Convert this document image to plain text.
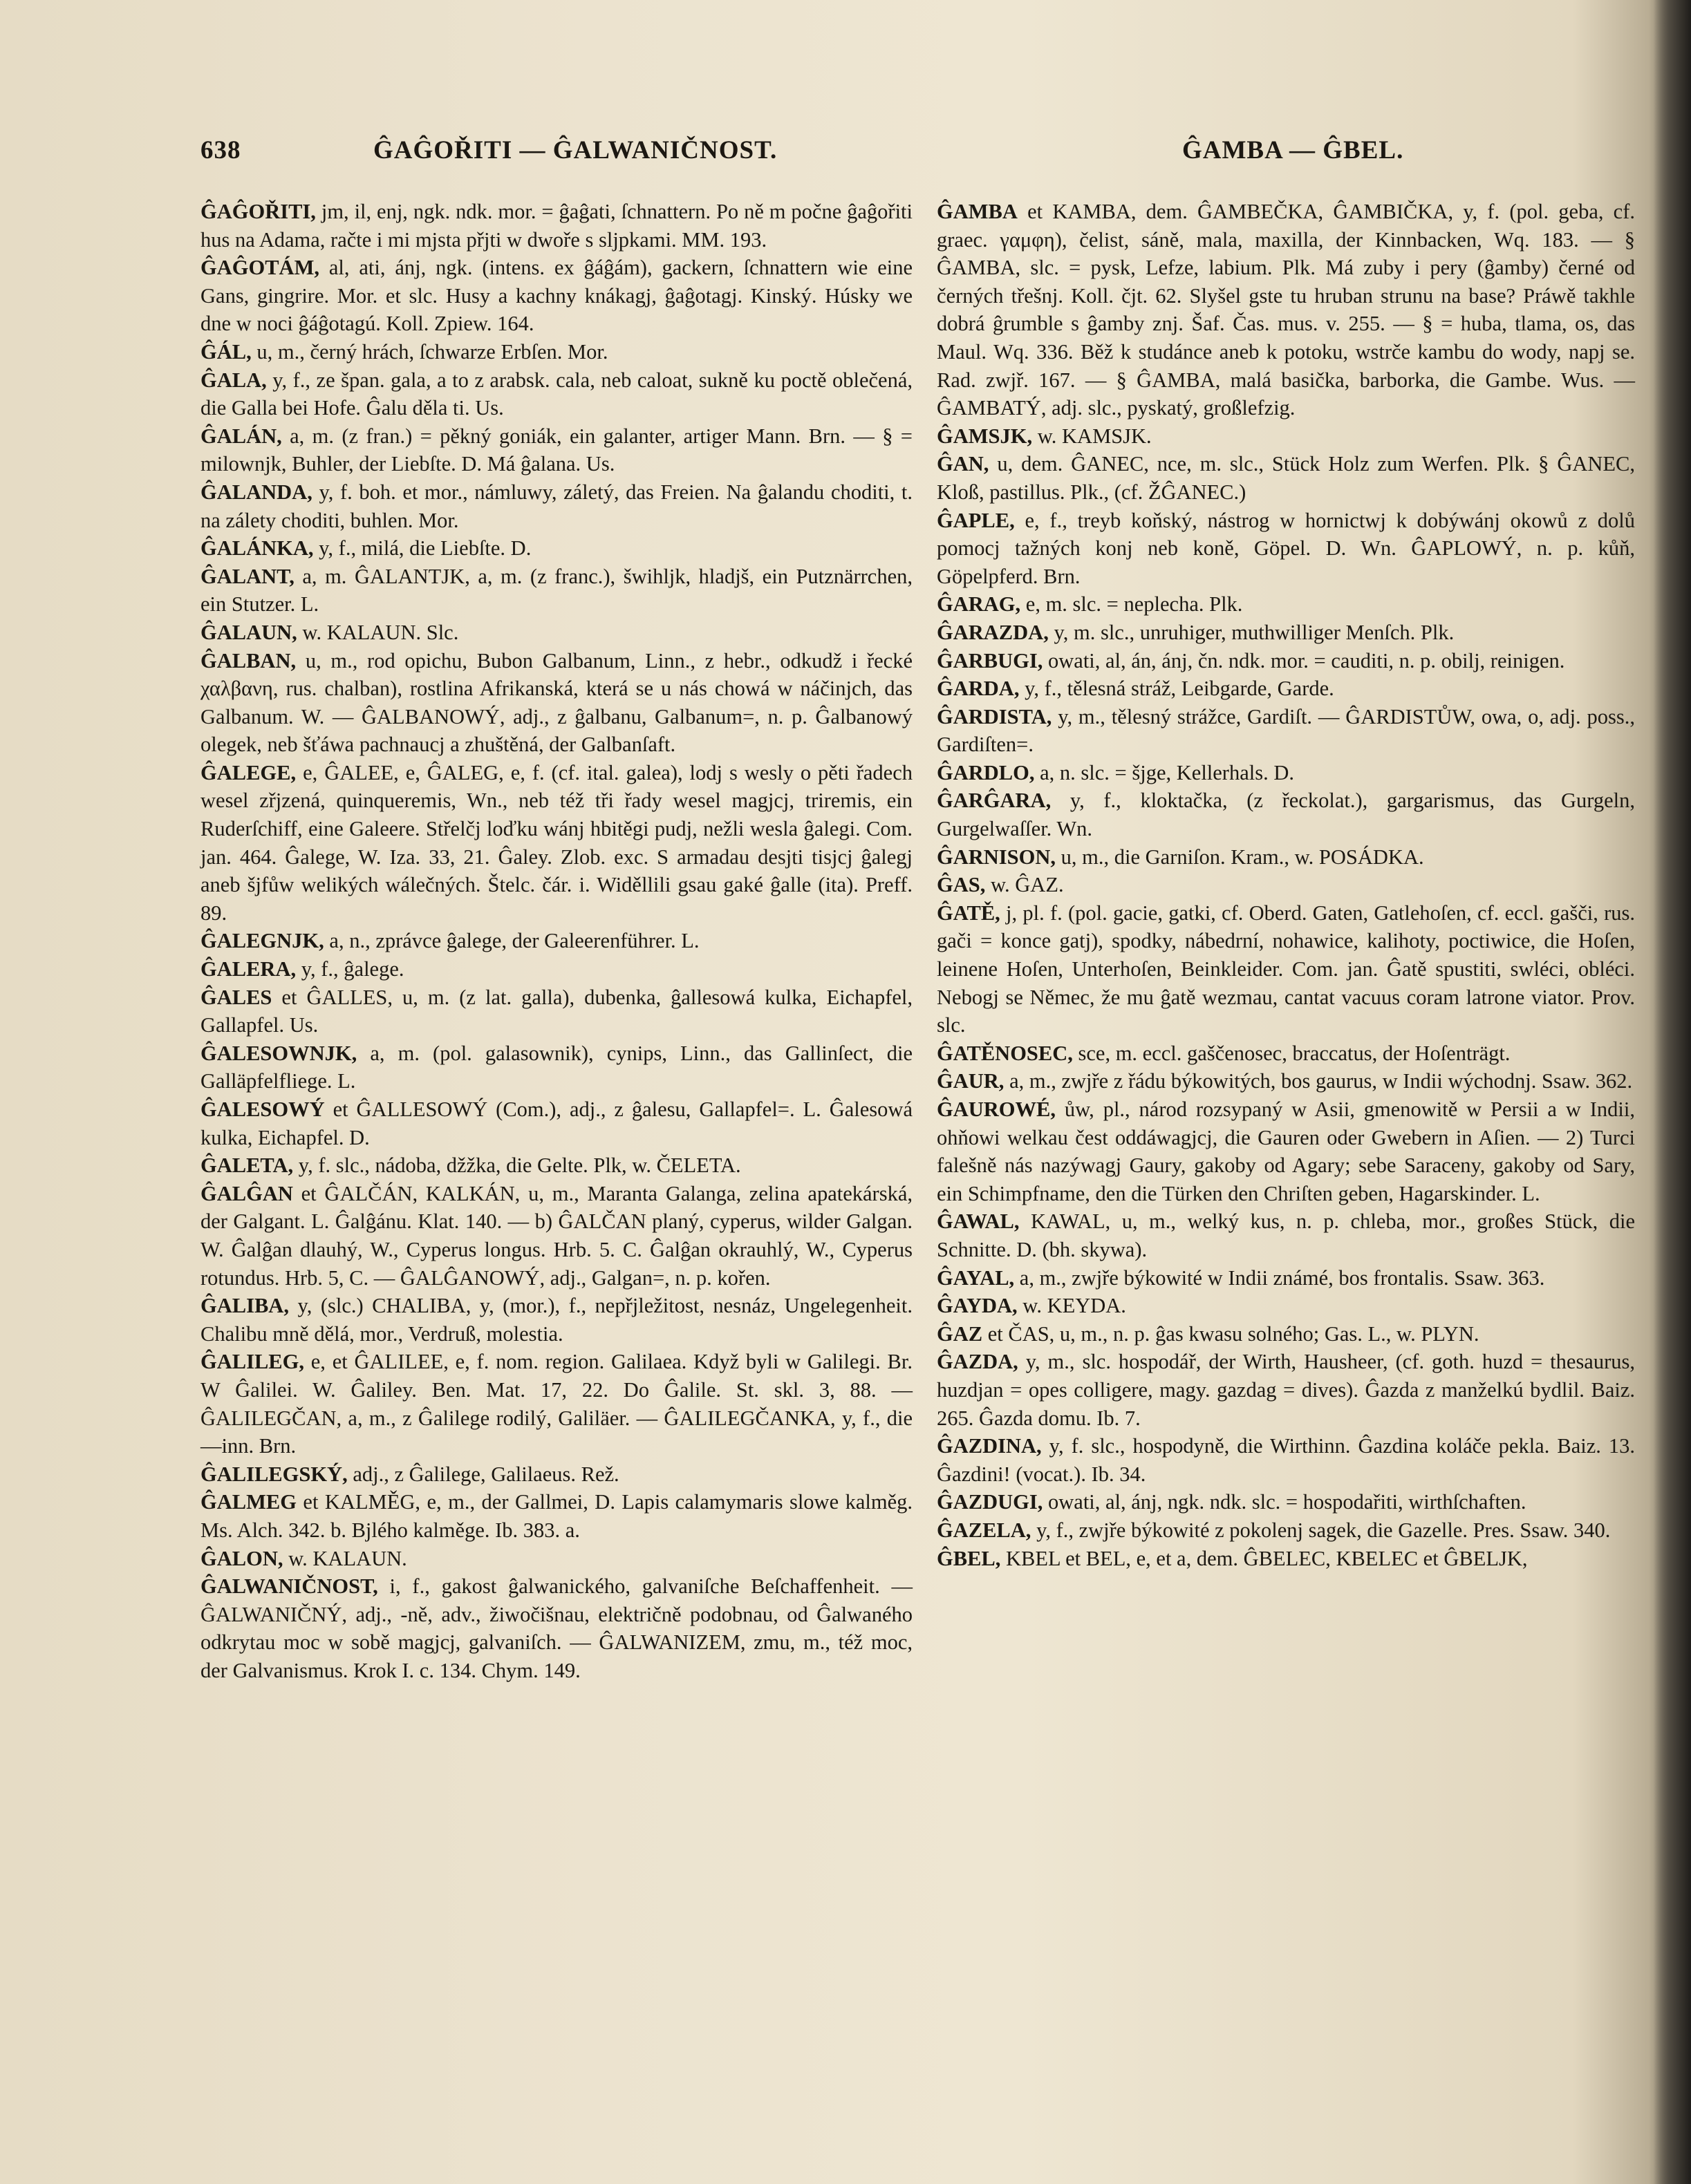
638	ĜAĜOŘITI — ĜALWANIČNOST.	ĜAMBA — ĜBEL.

ĜAĜOŘITI, jm, il, enj, ngk. ndk. mor. = ĝaĝati, ſchnattern. Po ně m počne ĝaĝořiti hus na Adama, račte i mi mjsta přjti w dwoře s sljpkami. MM. 193.

ĜAĜOTÁM, al, ati, ánj, ngk. (intens. ex ĝáĝám), gackern, ſchnattern wie eine Gans, gingrire. Mor. et slc. Husy a kachny knákagj, ĝaĝotagj. Kinský. Húsky we dne w noci ĝáĝotagú. Koll. Zpiew. 164.

ĜÁL, u, m., černý hrách, ſchwarze Erbſen. Mor.

ĜALA, y, f., ze špan. gala, a to z arabsk. cala, neb caloat, sukně ku poctě oblečená, die Galla bei Hofe. Ĝalu děla ti. Us.

ĜALÁN, a, m. (z fran.) = pěkný goniák, ein galanter, artiger Mann. Brn. — § = milownjk, Buhler, der Liebſte. D. Má ĝalana. Us.

ĜALANDA, y, f. boh. et mor., námluwy, záletý, das Freien. Na ĝalandu choditi, t. na zálety choditi, buhlen. Mor.

ĜALÁNKA, y, f., milá, die Liebſte. D.

ĜALANT, a, m. ĜALANTJK, a, m. (z franc.), šwihljk, hladjš, ein Putznärrchen, ein Stutzer. L.

ĜALAUN, w. KALAUN. Slc.

ĜALBAN, u, m., rod opichu, Bubon Galbanum, Linn., z hebr., odkudž i řecké χαλβανη, rus. chalban), rostlina Afrikanská, která se u nás chowá w náčinjch, das Galbanum. W. — ĜALBANOWÝ, adj., z ĝalbanu, Galbanum=, n. p. Ĝalbanowý olegek, neb šťáwa pachnaucj a zhuštěná, der Galbanſaft.

ĜALEGE, e, ĜALEE, e, ĜALEG, e, f. (cf. ital. galea), lodj s wesly o pěti řadech wesel zřjzená, quinqueremis, Wn., neb též tři řady wesel magjcj, triremis, ein Ruderſchiff, eine Galeere. Střelčj loďku wánj hbitěgi pudj, nežli wesla ĝalegi. Com. jan. 464. Ĝalege, W. Iza. 33, 21. Ĝaley. Zlob. exc. S armadau desjti tisjcj ĝalegj aneb šjfůw welikých wálečných. Štelc. čár. i. Widěllili gsau gaké ĝalle (ita). Preff. 89.

ĜALEGNJK, a, n., zprávce ĝalege, der Galeerenführer. L.

ĜALERA, y, f., ĝalege.

ĜALES et ĜALLES, u, m. (z lat. galla), dubenka, ĝallesowá kulka, Eichapfel, Gallapfel. Us.

ĜALESOWNJK, a, m. (pol. galasownik), cynips, Linn., das Gallinſect, die Galläpfelfliege. L.

ĜALESOWÝ et ĜALLESOWÝ (Com.), adj., z ĝalesu, Gallapfel=. L. Ĝalesowá kulka, Eichapfel. D.

ĜALETA, y, f. slc., nádoba, džžka, die Gelte. Plk, w. ČELETA.

ĜALĜAN et ĜALČÁN, KALKÁN, u, m., Maranta Galanga, zelina apatekárská, der Galgant. L. Ĝalĝánu. Klat. 140. — b) ĜALČAN planý, cyperus, wilder Galgan. W. Ĝalĝan dlauhý, W., Cyperus longus. Hrb. 5. C. Ĝalĝan okrauhlý, W., Cyperus rotundus. Hrb. 5, C. — ĜALĜANOWÝ, adj., Galgan=, n. p. kořen.

ĜALIBA, y, (slc.) CHALIBA, y, (mor.), f., nepřjležitost, nesnáz, Ungelegenheit. Chalibu mně dělá, mor., Verdruß, molestia.

ĜALILEG, e, et ĜALILEE, e, f. nom. region. Galilaea. Když byli w Galilegi. Br. W Ĝalilei. W. Ĝaliley. Ben. Mat. 17, 22. Do Ĝalile. St. skl. 3, 88. — ĜALILEGČAN, a, m., z Ĝalilege rodilý, Galiläer. — ĜALILEGČANKA, y, f., die —inn. Brn.

ĜALILEGSKÝ, adj., z Ĝalilege, Galilaeus. Rež.

ĜALMEG et KALMĚG, e, m., der Gallmei, D. Lapis calamymaris slowe kalměg. Ms. Alch. 342. b. Bjlého kalměge. Ib. 383. a.

ĜALON, w. KALAUN.

ĜALWANIČNOST, i, f., gakost ĝalwanického, galvaniſche Beſchaffenheit. — ĜALWANIČNÝ, adj., -ně, adv., žiwočišnau, električně podobnau, od Ĝalwaného odkrytau moc w sobě magjcj, galvaniſch. — ĜALWANIZEM, zmu, m., též moc, der Galvanismus. Krok I. c. 134. Chym. 149.

ĜAMBA et KAMBA, dem. ĜAMBEČKA, ĜAMBIČKA, y, f. (pol. geba, cf. graec. γαμφη), čelist, sáně, mala, maxilla, der Kinnbacken, Wq. 183. — § ĜAMBA, slc. = pysk, Lefze, labium. Plk. Má zuby i pery (ĝamby) černé od černých třešnj. Koll. čjt. 62. Slyšel gste tu hruban strunu na base? Práwě takhle dobrá ĝrumble s ĝamby znj. Šaf. Čas. mus. v. 255. — § = huba, tlama, os, das Maul. Wq. 336. Běž k studánce aneb k potoku, wstrče kambu do wody, napj se. Rad. zwjř. 167. — § ĜAMBA, malá basička, barborka, die Gambe. Wus. — ĜAMBATÝ, adj. slc., pyskatý, großlefzig.

ĜAMSJK, w. KAMSJK.

ĜAN, u, dem. ĜANEC, nce, m. slc., Stück Holz zum Werfen. Plk. § ĜANEC, Kloß, pastillus. Plk., (cf. ŽĜANEC.)

ĜAPLE, e, f., treyb koňský, nástrog w hornictwj k dobýwánj okowů z dolů pomocj tažných konj neb koně, Göpel. D. Wn. ĜAPLOWÝ, n. p. kůň, Göpelpferd. Brn.

ĜARAG, e, m. slc. = neplecha. Plk.

ĜARAZDA, y, m. slc., unruhiger, muthwilliger Menſch. Plk.

ĜARBUGI, owati, al, án, ánj, čn. ndk. mor. = cauditi, n. p. obilj, reinigen.

ĜARDA, y, f., tělesná stráž, Leibgarde, Garde.

ĜARDISTA, y, m., tělesný strážce, Gardiſt. — ĜARDISTŮW, owa, o, adj. poss., Gardiſten=.

ĜARDLO, a, n. slc. = šjge, Kellerhals. D.

ĜARĜARA, y, f., kloktačka, (z řeckolat.), gargarismus, das Gurgeln, Gurgelwaſſer. Wn.

ĜARNISON, u, m., die Garniſon. Kram., w. POSÁDKA.

ĜAS, w. ĜAZ.

ĜATĚ, j, pl. f. (pol. gacie, gatki, cf. Oberd. Gaten, Gatlehoſen, cf. eccl. gašči, rus. gači = konce gatj), spodky, nábedrní, nohawice, kalihoty, poctiwice, die Hoſen, leinene Hoſen, Unterhoſen, Beinkleider. Com. jan. Ĝatě spustiti, swléci, obléci. Nebogj se Němec, že mu ĝatě wezmau, cantat vacuus coram latrone viator. Prov. slc.

ĜATĚNOSEC, sce, m. eccl. gaščenosec, braccatus, der Hoſenträgt.

ĜAUR, a, m., zwjře z řádu býkowitých, bos gaurus, w Indii wýchodnj. Ssaw. 362.

ĜAUROWÉ, ůw, pl., národ rozsypaný w Asii, gmenowitě w Persii a w Indii, ohňowi welkau čest oddáwagjcj, die Gauren oder Gwebern in Aſien. — 2) Turci falešně nás nazýwagj Gaury, gakoby od Agary; sebe Saraceny, gakoby od Sary, ein Schimpfname, den die Türken den Chriſten geben, Hagarskinder. L.

ĜAWAL, KAWAL, u, m., welký kus, n. p. chleba, mor., großes Stück, die Schnitte. D. (bh. skywa).

ĜAYAL, a, m., zwjře býkowité w Indii známé, bos frontalis. Ssaw. 363.

ĜAYDA, w. KEYDA.

ĜAZ et ČAS, u, m., n. p. ĝas kwasu solného; Gas. L., w. PLYN.

ĜAZDA, y, m., slc. hospodář, der Wirth, Hausheer, (cf. goth. huzd = thesaurus, huzdjan = opes colligere, magy. gazdag = dives). Ĝazda z manželkú bydlil. Baiz. 265. Ĝazda domu. Ib. 7.

ĜAZDINA, y, f. slc., hospodyně, die Wirthinn. Ĝazdina koláče pekla. Baiz. 13. Ĝazdini! (vocat.). Ib. 34.

ĜAZDUGI, owati, al, ánj, ngk. ndk. slc. = hospodařiti, wirthſchaften.

ĜAZELA, y, f., zwjře býkowité z pokolenj sagek, die Gazelle. Pres. Ssaw. 340.

ĜBEL, KBEL et BEL, e, et a, dem. ĜBELEC, KBELEC et ĜBELJK,
